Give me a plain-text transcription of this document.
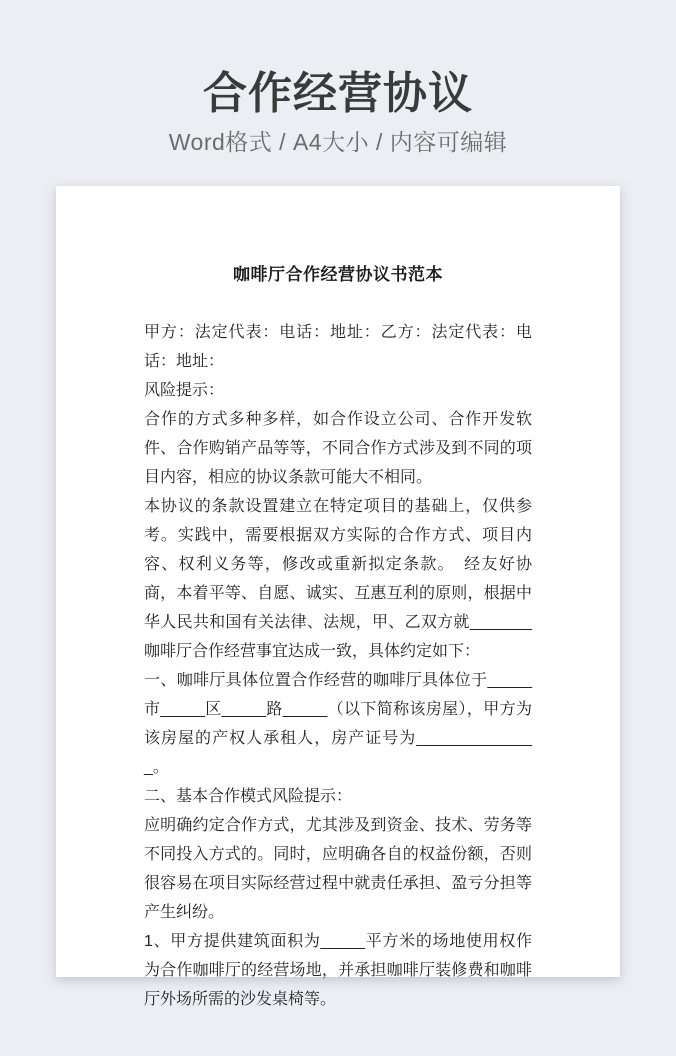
合作经营协议

Word格式 / A4大小 / 内容可编辑

咖啡厅合作经营协议书范本

甲方：法定代表：电话：地址：乙方：法定代表：电话：地址：

风险提示：

合作的方式多种多样，如合作设立公司、合作开发软件、合作购销产品等等，不同合作方式涉及到不同的项目内容，相应的协议条款可能大不相同。

本协议的条款设置建立在特定项目的基础上，仅供参考。实践中，需要根据双方实际的合作方式、项目内容、权利义务等，修改或重新拟定条款。　经友好协商，本着平等、自愿、诚实、互惠互利的原则，根据中华人民共和国有关法律、法规，甲、乙双方就_______咖啡厅合作经营事宜达成一致，具体约定如下：

一、咖啡厅具体位置合作经营的咖啡厅具体位于_____市_____区_____路_____（以下简称该房屋），甲方为该房屋的产权人承租人，房产证号为______________。

二、基本合作模式风险提示：

应明确约定合作方式，尤其涉及到资金、技术、劳务等不同投入方式的。同时，应明确各自的权益份额，否则很容易在项目实际经营过程中就责任承担、盈亏分担等产生纠纷。

1、甲方提供建筑面积为_____平方米的场地使用权作为合作咖啡厅的经营场地，并承担咖啡厅装修费和咖啡厅外场所需的沙发桌椅等。
